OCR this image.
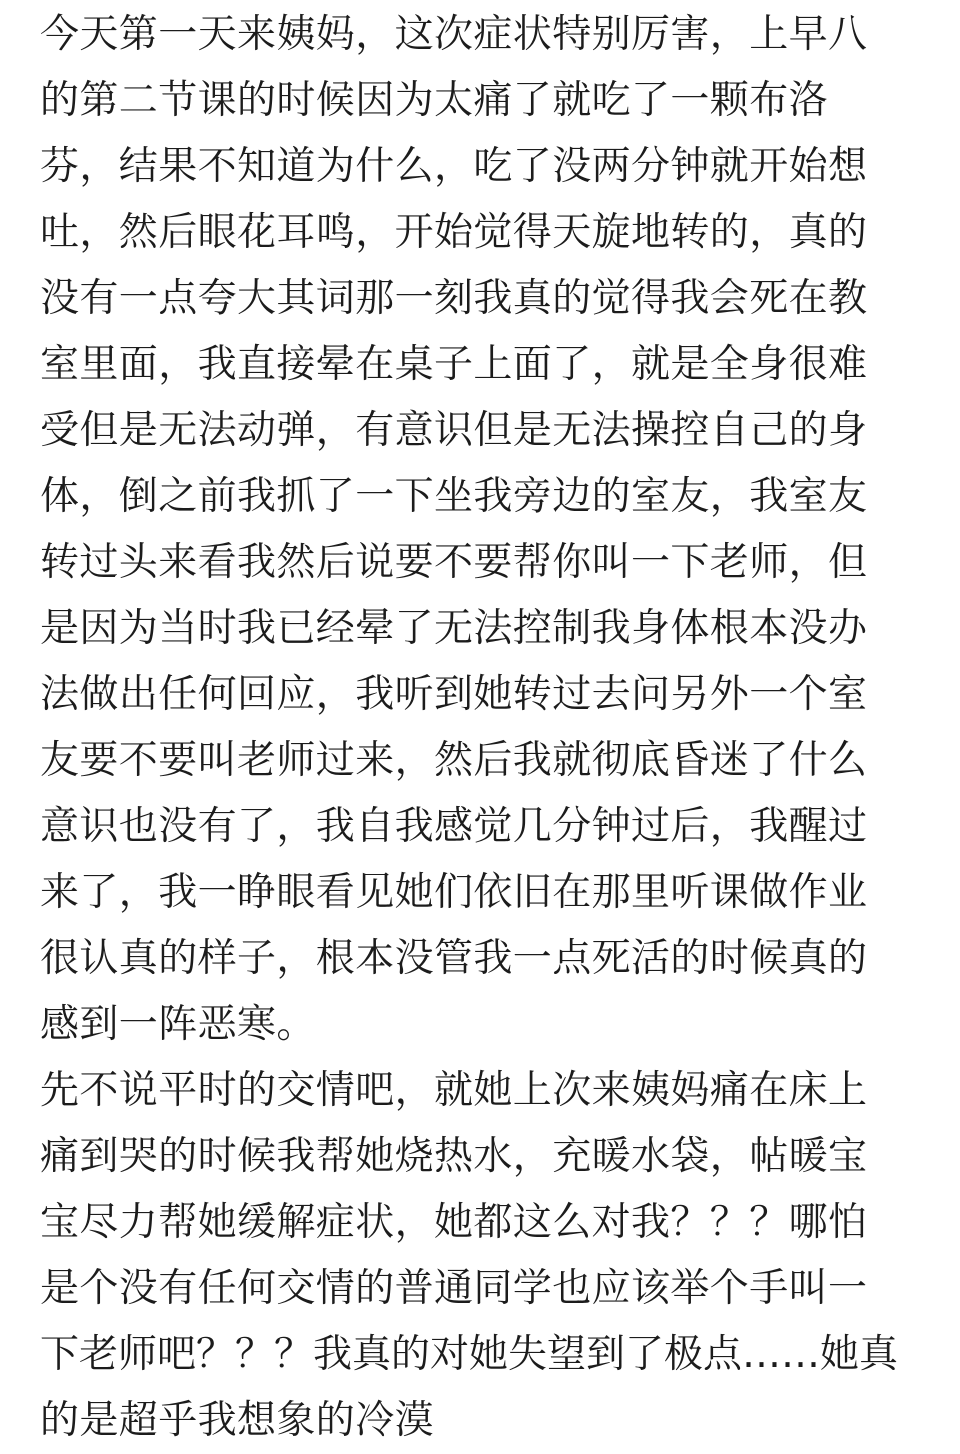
今天第一天来姨妈，这次症状特别厉害，上早八
的第二节课的时候因为太痛了就吃了一颗布洛
芬，结果不知道为什么，吃了没两分钟就开始想
吐，然后眼花耳鸣，开始觉得天旋地转的，真的
没有一点夸大其词那一刻我真的觉得我会死在教
室里面，我直接晕在桌子上面了，就是全身很难
受但是无法动弹，有意识但是无法操控自己的身
体，倒之前我抓了一下坐我旁边的室友，我室友
转过头来看我然后说要不要帮你叫一下老师，但
是因为当时我已经晕了无法控制我身体根本没办
法做出任何回应，我听到她转过去问另外一个室
友要不要叫老师过来，然后我就彻底昏迷了什么
意识也没有了，我自我感觉几分钟过后，我醒过
来了，我一睁眼看见她们依旧在那里听课做作业
很认真的样子，根本没管我一点死活的时候真的
感到一阵恶寒。
先不说平时的交情吧，就她上次来姨妈痛在床上
痛到哭的时候我帮她烧热水，充暖水袋，帖暖宝
宝尽力帮她缓解症状，她都这么对我？？？哪怕
是个没有任何交情的普通同学也应该举个手叫一
下老师吧？？？我真的对她失望到了极点……她真
的是超乎我想象的冷漠
